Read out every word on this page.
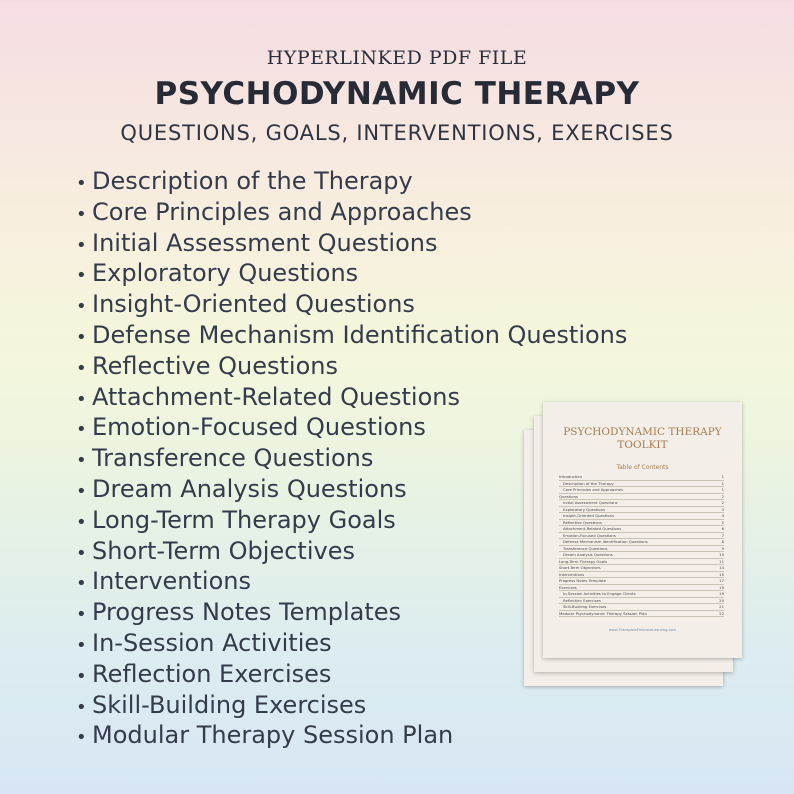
HYPERLINKED PDF FILE
PSYCHODYNAMIC THERAPY
QUESTIONS, GOALS, INTERVENTIONS, EXERCISES
• Description of the Therapy
• Core Principles and Approaches
• Initial Assessment Questions
• Exploratory Questions
• Insight-Oriented Questions
• Defense Mechanism Identification Questions
• Reflective Questions
• Attachment-Related Questions
• Emotion-Focused Questions
• Transference Questions
• Dream Analysis Questions
• Long-Term Therapy Goals
• Short-Term Objectives
• Interventions
• Progress Notes Templates
• In-Session Activities
• Reflection Exercises
• Skill-Building Exercises
• Modular Therapy Session Plan
PSYCHODYNAMIC THERAPY
TOOLKIT
Table of Contents
Introduction	1
Description of the Therapy	1
Core Principles and Approaches	1
Questions	2
Initial Assessment Questions	2
Exploratory Questions	3
Insight-Oriented Questions	4
Reflective Questions	5
Attachment-Related Questions	6
Emotion-Focused Questions	7
Defense Mechanism Identification Questions	8
Transference Questions	9
Dream Analysis Questions	10
Long-Term Therapy Goals	11
Short-Term Objectives	14
Interventions	15
Progress Notes Template	17
Exercises	19
In-Session Activities to Engage Clients	19
Reflection Exercises	20
Skill-Building Exercises	21
Modular Psychodynamic Therapy Session Plan	22
www.TherapistsEmbraceLearning.com
